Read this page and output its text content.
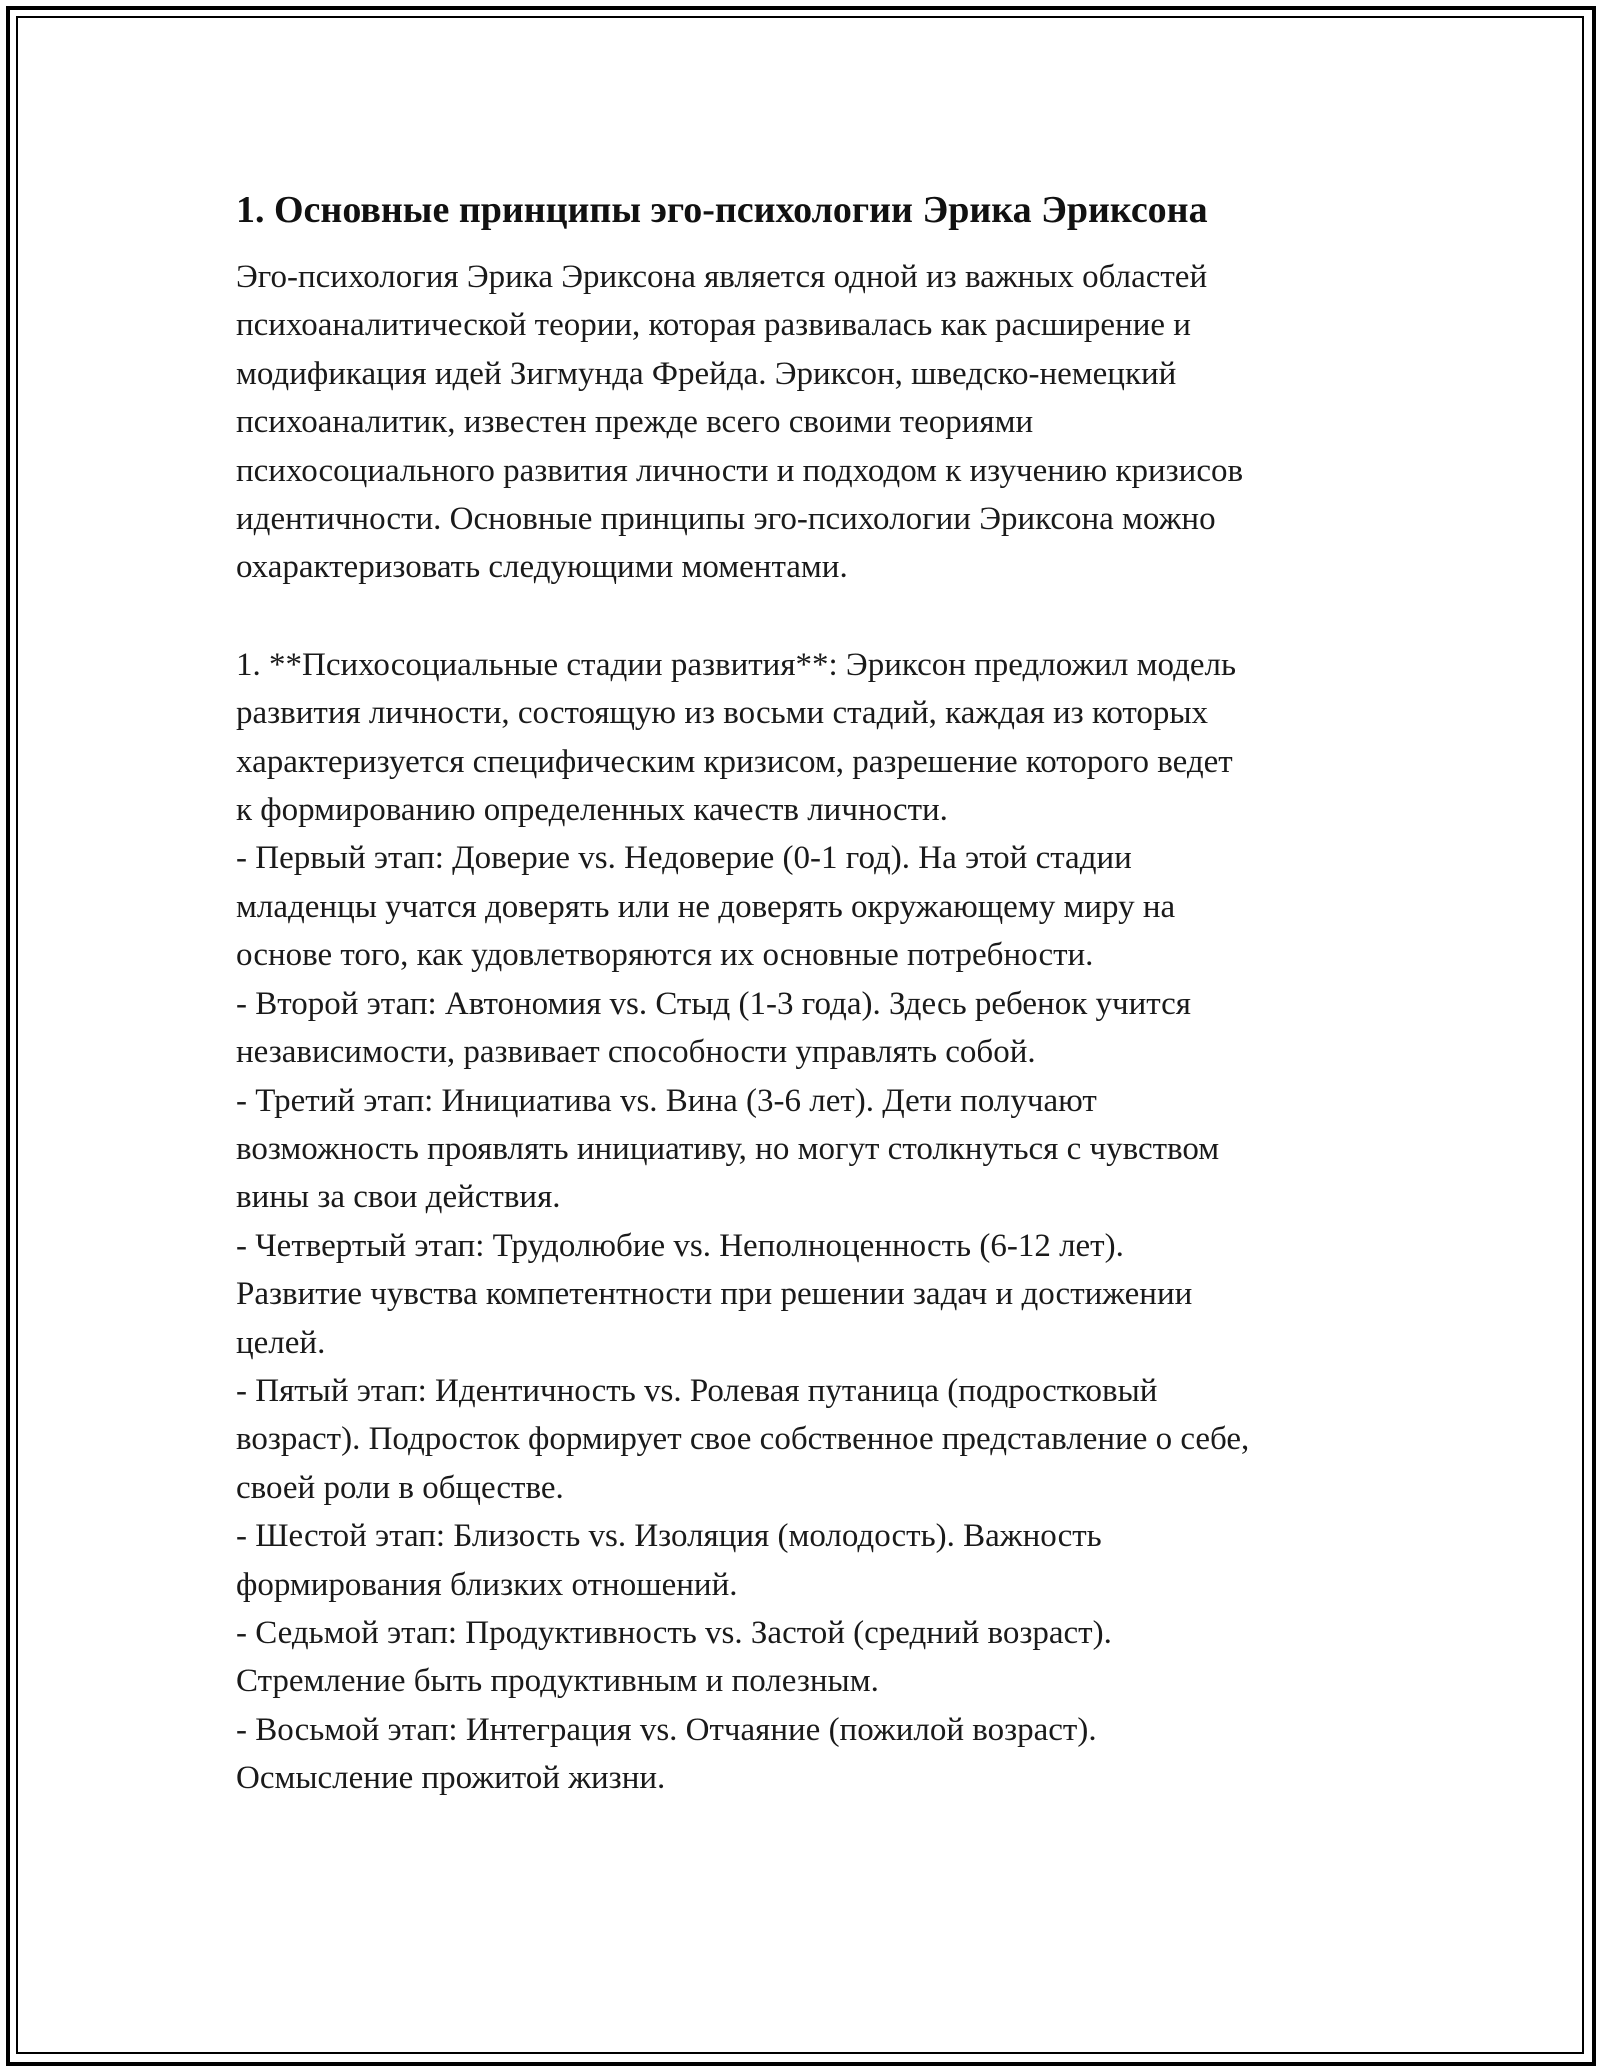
1. Основные принципы эго-психологии Эрика Эриксона

Эго-психология Эрика Эриксона является одной из важных областей
психоаналитической теории, которая развивалась как расширение и
модификация идей Зигмунда Фрейда. Эриксон, шведско-немецкий
психоаналитик, известен прежде всего своими теориями
психосоциального развития личности и подходом к изучению кризисов
идентичности. Основные принципы эго-психологии Эриксона можно
охарактеризовать следующими моментами.

1. **Психосоциальные стадии развития**: Эриксон предложил модель
развития личности, состоящую из восьми стадий, каждая из которых
характеризуется специфическим кризисом, разрешение которого ведет
к формированию определенных качеств личности.

- Первый этап: Доверие vs. Недоверие (0-1 год). На этой стадии
младенцы учатся доверять или не доверять окружающему миру на
основе того, как удовлетворяются их основные потребности.

- Второй этап: Автономия vs. Стыд (1-3 года). Здесь ребенок учится
независимости, развивает способности управлять собой.

- Третий этап: Инициатива vs. Вина (3-6 лет). Дети получают
возможность проявлять инициативу, но могут столкнуться с чувством
вины за свои действия.

- Четвертый этап: Трудолюбие vs. Неполноценность (6-12 лет).
Развитие чувства компетентности при решении задач и достижении
целей.

- Пятый этап: Идентичность vs. Ролевая путаница (подростковый
возраст). Подросток формирует свое собственное представление о себе,
своей роли в обществе.

- Шестой этап: Близость vs. Изоляция (молодость). Важность
формирования близких отношений.

- Седьмой этап: Продуктивность vs. Застой (средний возраст).
Стремление быть продуктивным и полезным.

- Восьмой этап: Интеграция vs. Отчаяние (пожилой возраст).
Осмысление прожитой жизни.
